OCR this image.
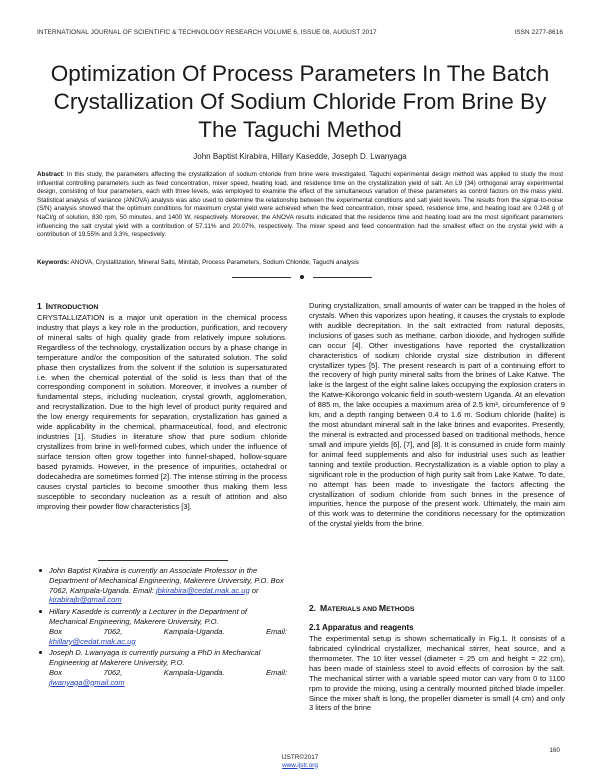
INTERNATIONAL JOURNAL OF SCIENTIFIC & TECHNOLOGY RESEARCH VOLUME 6, ISSUE 08, AUGUST 2017	ISSN 2277-8616
Optimization Of Process Parameters In The Batch Crystallization Of Sodium Chloride From Brine By The Taguchi Method
John Baptist Kirabira, Hillary Kasedde, Joseph D. Lwanyaga
Abstract: In this study, the parameters affecting the crystallization of sodium chloride from brine were investigated. Taguchi experimental design method was applied to study the most influential controlling parameters such as feed concentration, mixer speed, heating load, and residence time on the crystallization yield of salt. An L9 (34) orthogonal array experimental design, consisting of four parameters, each with three levels, was employed to examine the effect of the simultaneous variation of these parameters as control factors on the mass yield. Statistical analysis of variance (ANOVA) analysis was also used to determine the relationship between the experimental conditions and salt yield levels. The results from the signal-to-noise (S/N) analysis showed that the optimum conditions for maximum crystal yield were achieved when the feed concentration, mixer speed, residence time, and heating load are 0.248 g of NaCl/g of solution, 830 rpm, 50 minutes, and 1400 W, respectively. Moreover, the ANOVA results indicated that the residence time and heating load are the most significant parameters influencing the salt crystal yield with a contribution of 57.11% and 20.07%, respectively. The mixer speed and feed concentration had the smallest effect on the crystal yield with a contribution of 19.55% and 3.3%, respectively.
Keywords: ANOVA, Crystallization, Mineral Salts, Minitab, Process Parameters, Sodium Chloride, Taguchi analysis
1 INTRODUCTION
CRYSTALLIZATION is a major unit operation in the chemical process industry that plays a key role in the production, purification, and recovery of mineral salts of high quality grade from relatively impure solutions. Regardless of the technology, crystallization occurs by a phase change in temperature and/or the composition of the saturated solution. The solid phase then crystallizes from the solvent if the solution is supersaturated i.e. when the chemical potential of the solid is less than that of the corresponding component in solution. Moreover, it involves a number of fundamental steps, including nucleation, crystal growth, agglomeration, and recrystallization. Due to the high level of product purity required and the low energy requirements for separation, crystallization has gained a wide applicability in the chemical, pharmaceutical, food, and electronic industries [1]. Studies in literature show that pure sodium chloride crystallizes from brine in well-formed cubes, which under the influence of surface tension often grow together into funnel-shaped, hollow-square based pyramids. However, in the presence of impurities, octahedral or dodecahedra are sometimes formed [2]. The intense stirring in the process causes crystal particles to become smoother thus making them less susceptible to secondary nucleation as a result of attrition and also improving their powder flow characteristics [3].
John Baptist Kirabira is currently an Associate Professor in the Department of Mechanical Engineering, Makerere University, P.O. Box 7062, Kampala-Uganda. Email: jbkirabira@cedat.mak.ac.ug or kirabirajb@gmail.com
Hillary Kasedde is currently a Lecturer in the Department of Mechanical Engineering, Makerere University, P.O.
Box	7062,	Kampala-Uganda.	Email:
khillary@cedat.mak.ac.ug
Joseph D. Lwanyaga is currently pursuing a PhD in Mechanical Engineering at Makerere University, P.O.
Box	7062,	Kampala-Uganda.	Email:
jlwanyaga@gmail.com
During crystallization, small amounts of water can be trapped in the holes of crystals. When this vaporizes upon heating, it causes the crystals to explode with audible decrepitation. In the salt extracted from natural deposits, inclusions of gases such as methane, carbon dioxide, and hydrogen sulfide can occur [4]. Other investigations have reported the crystallization characteristics of sodium chloride crystal size distribution in different crystallizer types [5]. The present research is part of a continuing effort to the recovery of high purity mineral salts from the brines of Lake Katwe. The lake is the largest of the eight saline lakes occupying the explosion craters in the Katwe-Kikorongo volcanic field in south-western Uganda. At an elevation of 885 m, the lake occupies a maximum area of 2.5 km², circumference of 9 km, and a depth ranging between 0.4 to 1.6 m. Sodium chloride (halite) is the most abundant mineral salt in the lake brines and evaporites. Presently, the mineral is extracted and processed based on traditional methods, hence small and impure yields [6], [7], and [8]. It is consumed in crude form mainly for animal feed supplements and also for industrial uses such as leather tanning and textile production. Recrystallization is a viable option to play a significant role in the production of high purity salt from Lake Katwe. To date, no attempt has been made to investigate the factors affecting the crystallization of sodium chloride from such brines in the presence of impurities, hence the purpose of the present work. Ultimately, the main aim of this work was to determine the conditions necessary for the optimization of the crystal yields from the brine.
2. MATERIALS AND METHODS
2.1 Apparatus and reagents
The experimental setup is shown schematically in Fig.1. It consists of a fabricated cylindrical crystallizer, mechanical stirrer, heat source, and a thermometer. The 10 liter vessel (diameter = 25 cm and height = 22 cm), has been made of stainless steel to avoid effects of corrosion by the salt. The mechanical stirrer with a variable speed motor can vary from 0 to 1100 rpm to provide the mixing, using a centrally mounted pitched blade impeller. Since the mixer shaft is long, the propeller diameter is small (4 cm) and only 3 liters of the brine
160
IJSTR©2017
www.ijstr.org
